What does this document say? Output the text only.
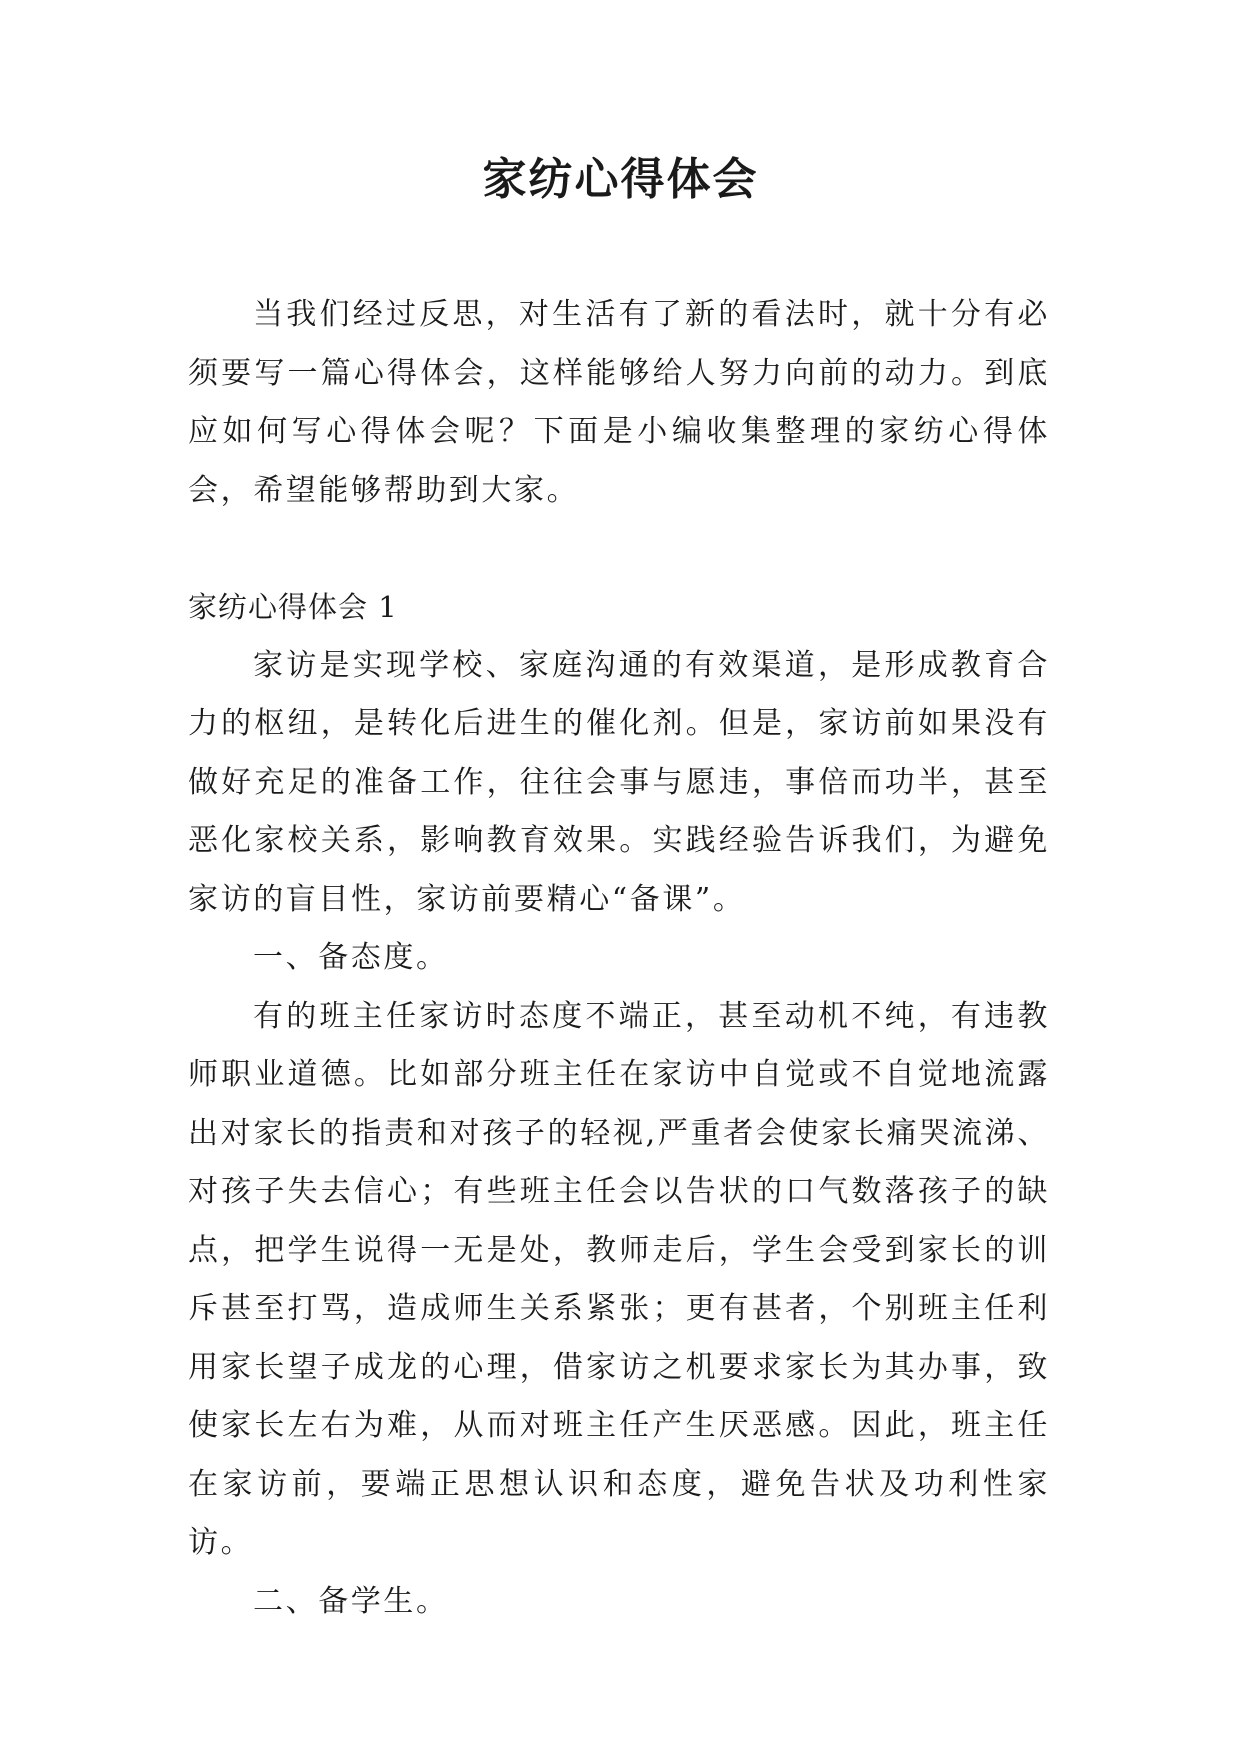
家纺心得体会

当我们经过反思，对生活有了新的看法时，就十分有必须要写一篇心得体会，这样能够给人努力向前的动力。到底应如何写心得体会呢？下面是小编收集整理的家纺心得体会，希望能够帮助到大家。

家纺心得体会 1

家访是实现学校、家庭沟通的有效渠道，是形成教育合力的枢纽，是转化后进生的催化剂。但是，家访前如果没有做好充足的准备工作，往往会事与愿违，事倍而功半，甚至恶化家校关系，影响教育效果。实践经验告诉我们，为避免家访的盲目性，家访前要精心“备课”。

一、备态度。

有的班主任家访时态度不端正，甚至动机不纯，有违教师职业道德。比如部分班主任在家访中自觉或不自觉地流露出对家长的指责和对孩子的轻视,严重者会使家长痛哭流涕、对孩子失去信心；有些班主任会以告状的口气数落孩子的缺点，把学生说得一无是处，教师走后，学生会受到家长的训斥甚至打骂，造成师生关系紧张；更有甚者，个别班主任利用家长望子成龙的心理，借家访之机要求家长为其办事，致使家长左右为难，从而对班主任产生厌恶感。因此，班主任在家访前，要端正思想认识和态度，避免告状及功利性家访。

二、备学生。
